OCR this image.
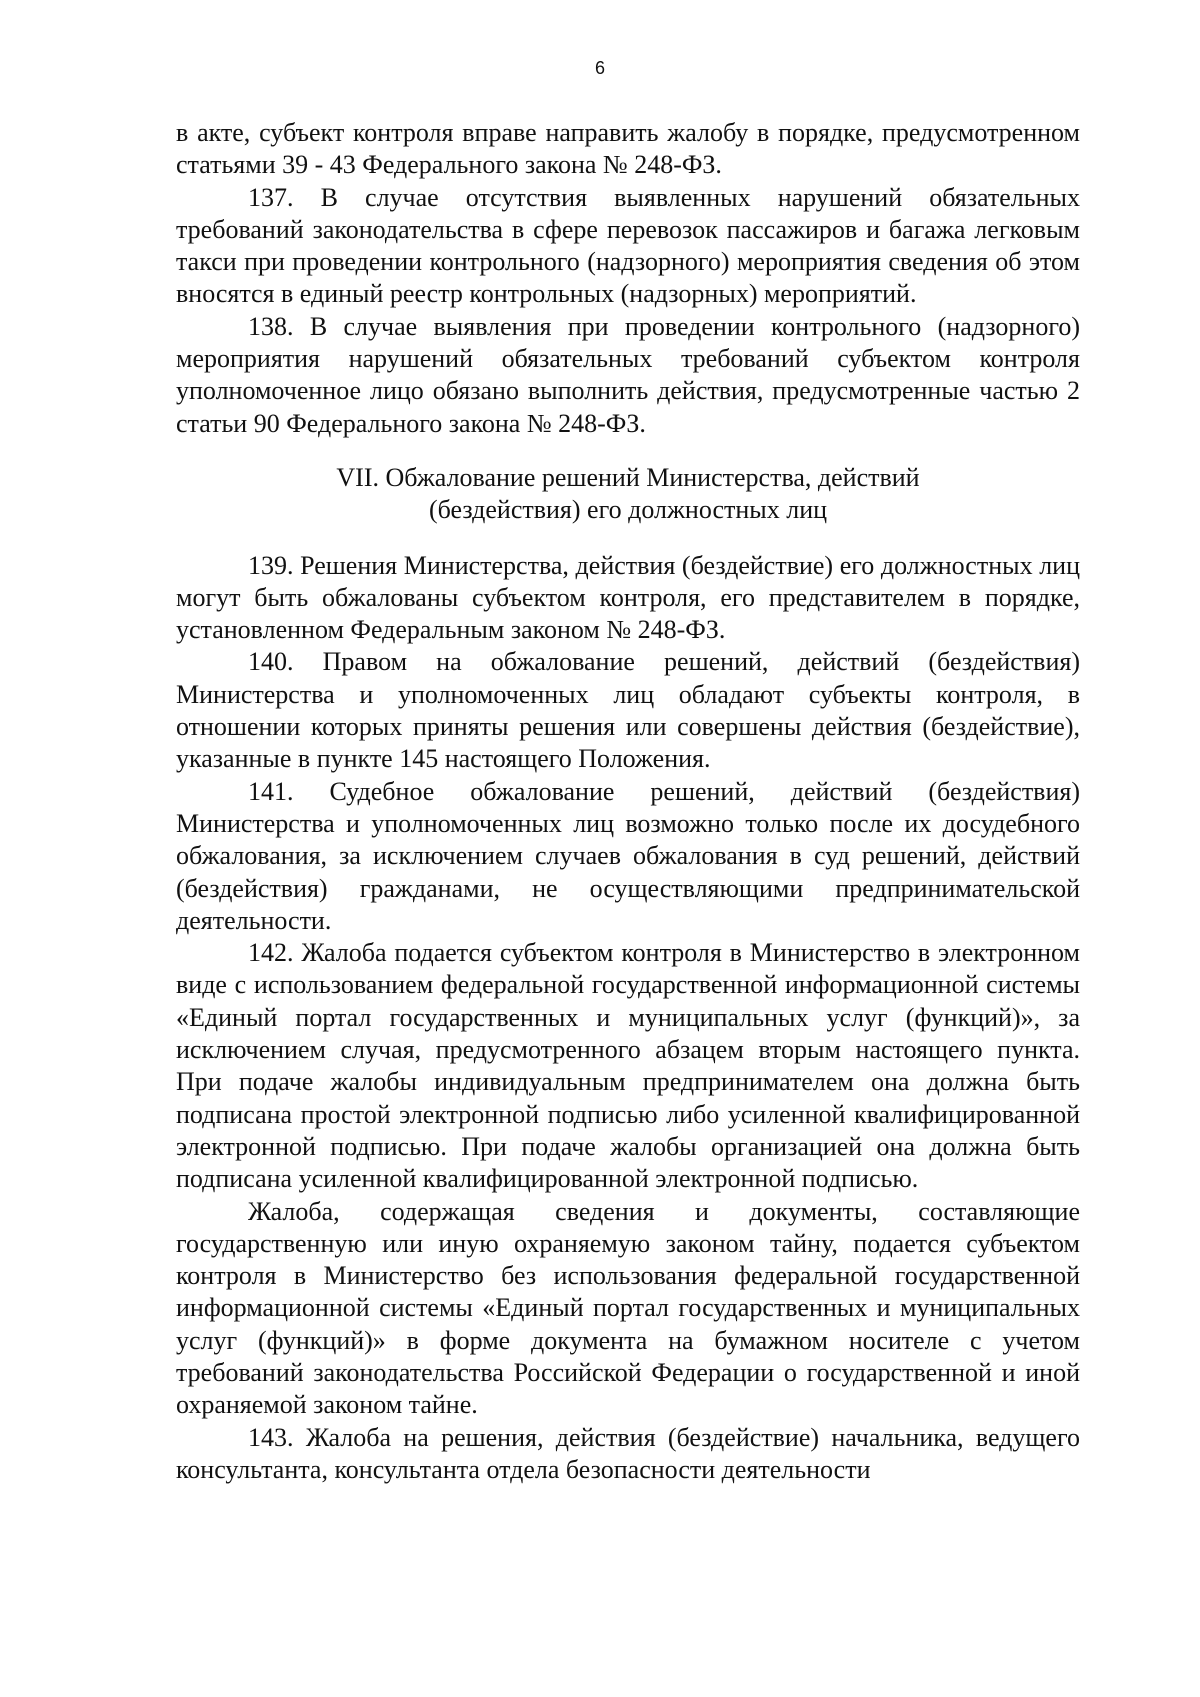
6

в акте, субъект контроля вправе направить жалобу в порядке, предусмотренном статьями 39 - 43 Федерального закона № 248-ФЗ.

137. В случае отсутствия выявленных нарушений обязательных требований законодательства в сфере перевозок пассажиров и багажа легковым такси при проведении контрольного (надзорного) мероприятия сведения об этом вносятся в единый реестр контрольных (надзорных) мероприятий.

138. В случае выявления при проведении контрольного (надзорного) мероприятия нарушений обязательных требований субъектом контроля уполномоченное лицо обязано выполнить действия, предусмотренные частью 2 статьи 90 Федерального закона № 248-ФЗ.

VII. Обжалование решений Министерства, действий
(бездействия) его должностных лиц

139. Решения Министерства, действия (бездействие) его должностных лиц могут быть обжалованы субъектом контроля, его представителем в порядке, установленном Федеральным законом № 248-ФЗ.

140. Правом на обжалование решений, действий (бездействия) Министерства и уполномоченных лиц обладают субъекты контроля, в отношении которых приняты решения или совершены действия (бездействие), указанные в пункте 145 настоящего Положения.

141. Судебное обжалование решений, действий (бездействия) Министерства и уполномоченных лиц возможно только после их досудебного обжалования, за исключением случаев обжалования в суд решений, действий (бездействия) гражданами, не осуществляющими предпринимательской деятельности.

142. Жалоба подается субъектом контроля в Министерство в электронном виде с использованием федеральной государственной информационной системы «Единый портал государственных и муниципальных услуг (функций)», за исключением случая, предусмотренного абзацем вторым настоящего пункта. При подаче жалобы индивидуальным предпринимателем она должна быть подписана простой электронной подписью либо усиленной квалифицированной электронной подписью. При подаче жалобы организацией она должна быть подписана усиленной квалифицированной электронной подписью.

Жалоба, содержащая сведения и документы, составляющие государственную или иную охраняемую законом тайну, подается субъектом контроля в Министерство без использования федеральной государственной информационной системы «Единый портал государственных и муниципальных услуг (функций)» в форме документа на бумажном носителе с учетом требований законодательства Российской Федерации о государственной и иной охраняемой законом тайне.

143. Жалоба на решения, действия (бездействие) начальника, ведущего консультанта, консультанта отдела безопасности деятельности
